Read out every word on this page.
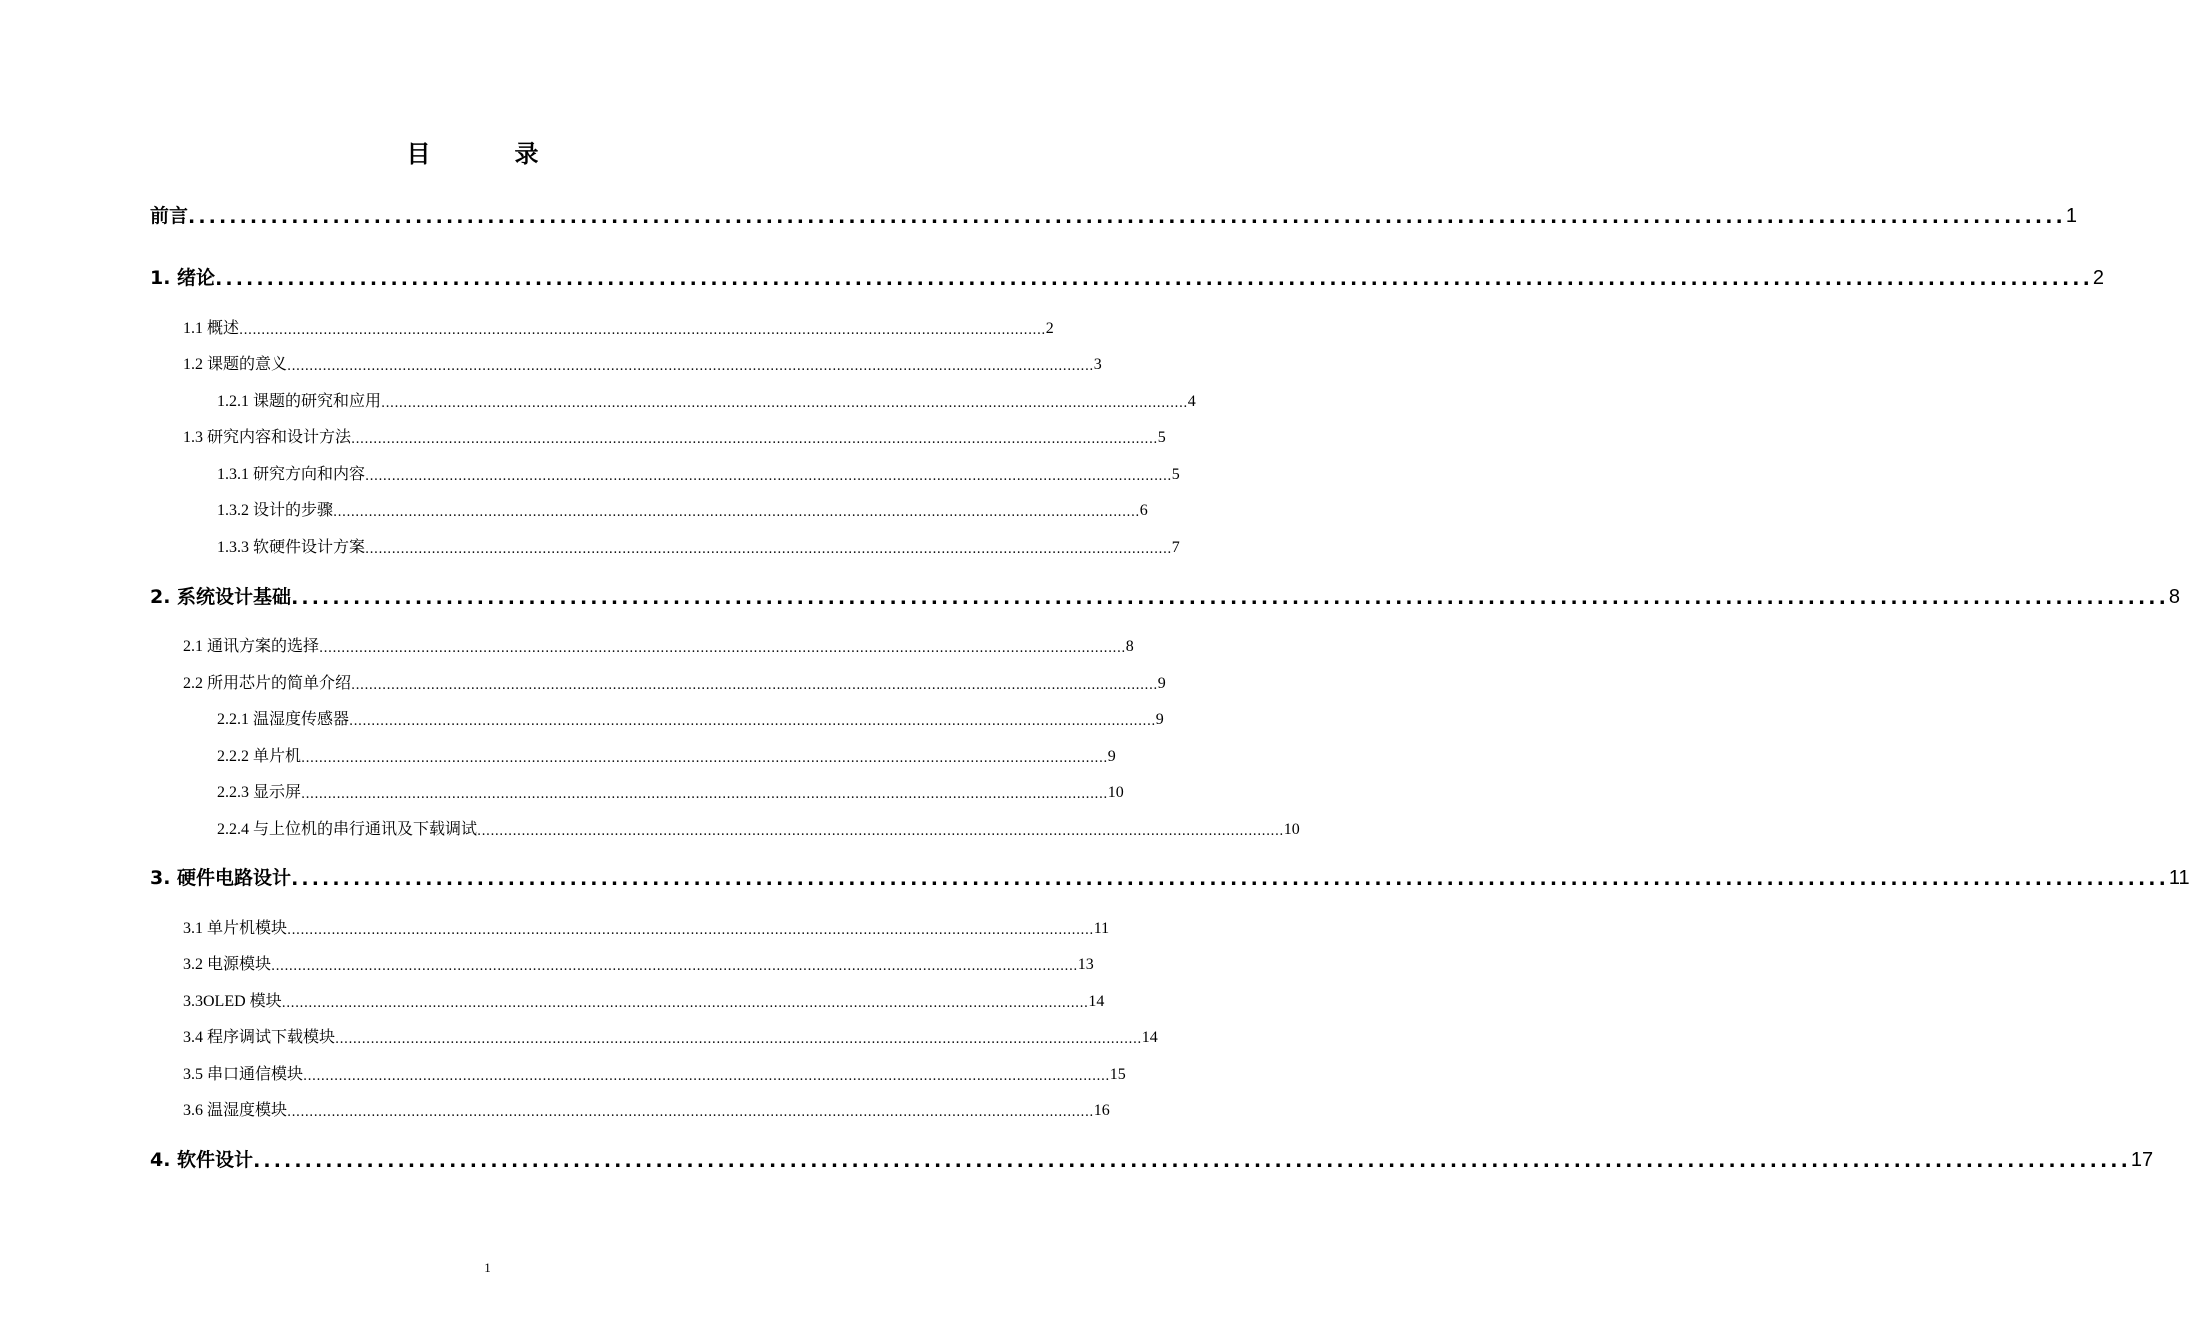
目　录
前言 ...................................................................................................................................................................................... 1
1. 绪论 ...................................................................................................................................................................................... 2
1.1 概述 ...................................................................................................................................................................................... 2
1.2 课题的意义 ...................................................................................................................................................................................... 3
1.2.1 课题的研究和应用 ...................................................................................................................................................................................... 4
1.3 研究内容和设计方法 ...................................................................................................................................................................................... 5
1.3.1 研究方向和内容 ...................................................................................................................................................................................... 5
1.3.2 设计的步骤 ...................................................................................................................................................................................... 6
1.3.3 软硬件设计方案 ...................................................................................................................................................................................... 7
2. 系统设计基础 ...................................................................................................................................................................................... 8
2.1 通讯方案的选择 ...................................................................................................................................................................................... 8
2.2 所用芯片的简单介绍 ...................................................................................................................................................................................... 9
2.2.1 温湿度传感器 ...................................................................................................................................................................................... 9
2.2.2 单片机 ...................................................................................................................................................................................... 9
2.2.3 显示屏 ...................................................................................................................................................................................... 10
2.2.4 与上位机的串行通讯及下载调试 ...................................................................................................................................................................................... 10
3. 硬件电路设计 ...................................................................................................................................................................................... 11
3.1 单片机模块 ...................................................................................................................................................................................... 11
3.2 电源模块 ...................................................................................................................................................................................... 13
3.3OLED 模块 ...................................................................................................................................................................................... 14
3.4 程序调试下载模块 ...................................................................................................................................................................................... 14
3.5 串口通信模块 ...................................................................................................................................................................................... 15
3.6 温湿度模块 ...................................................................................................................................................................................... 16
4. 软件设计 ...................................................................................................................................................................................... 17
1
